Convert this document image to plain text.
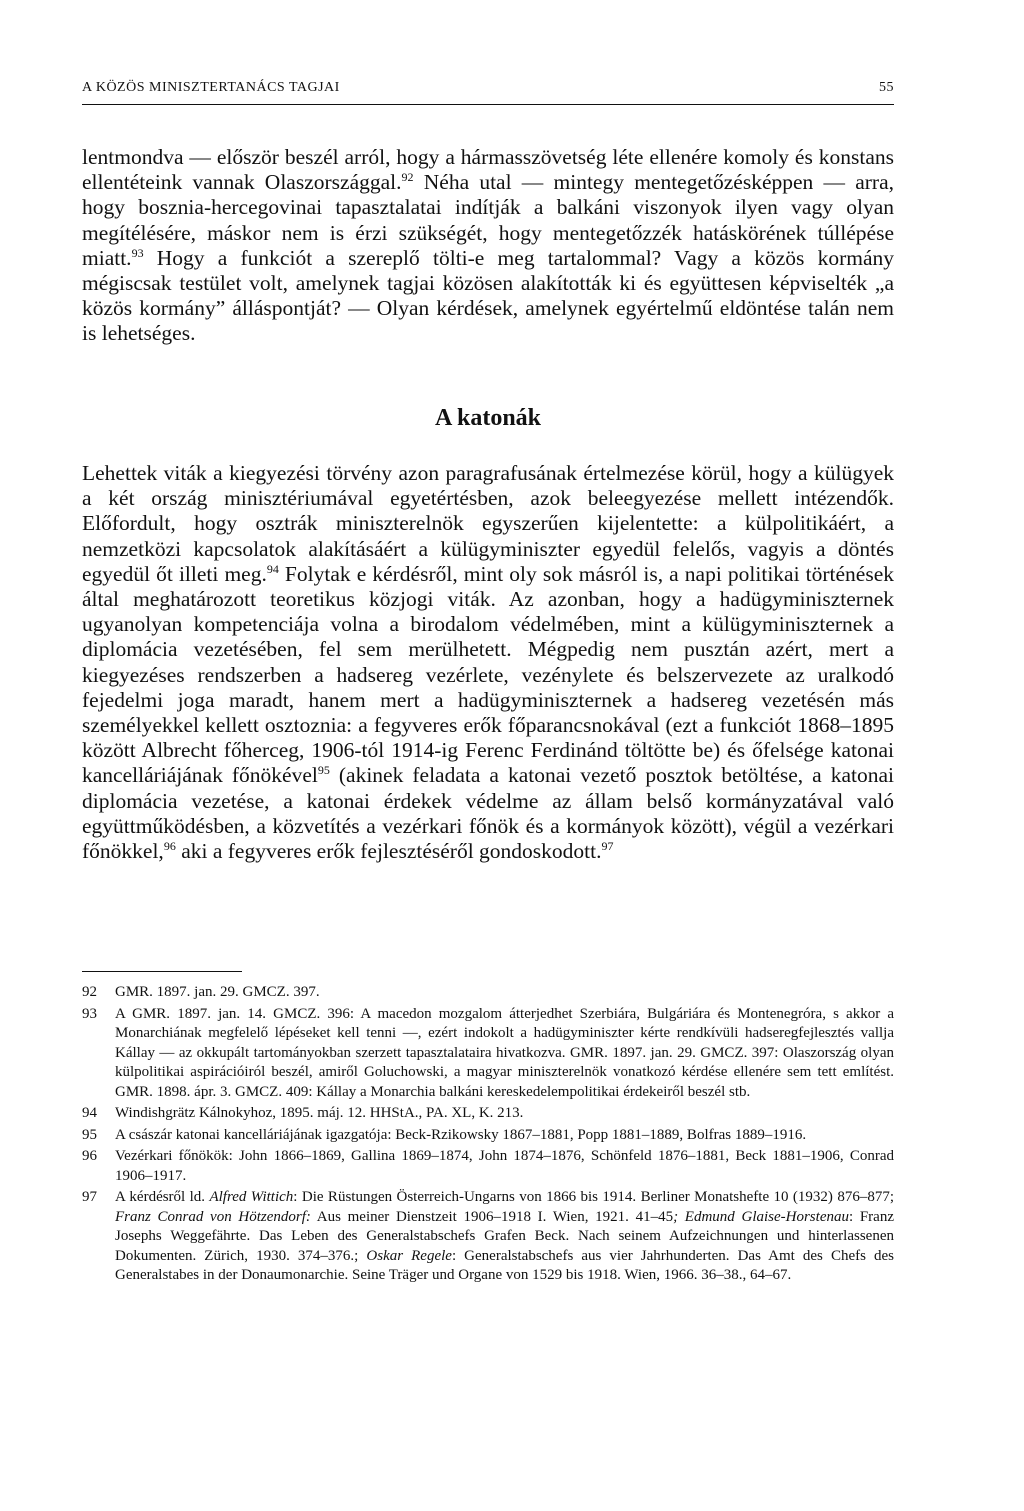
A KÖZÖS MINISZTERTANÁCS TAGJAI	55

lentmondva — először beszél arról, hogy a hármasszövetség léte ellenére komoly és konstans ellentéteink vannak Olaszországgal.$^{92}$ Néha utal — mintegy mentegetőzésképpen — arra, hogy bosznia-hercegovinai tapasztalatai indítják a balkáni viszonyok ilyen vagy olyan megítélésére, máskor nem is érzi szükségét, hogy mentegetőzzék hatáskörének túllépése miatt.$^{93}$ Hogy a funkciót a szereplő tölti-e meg tartalommal? Vagy a közös kormány mégiscsak testület volt, amelynek tagjai közösen alakították ki és együttesen képviselték „a közös kormány” álláspontját? — Olyan kérdések, amelynek egyértelmű eldöntése talán nem is lehetséges.

A katonák

Lehettek viták a kiegyezési törvény azon paragrafusának értelmezése körül, hogy a külügyek a két ország minisztériumával egyetértésben, azok beleegyezése mellett intézendők. Előfordult, hogy osztrák miniszterelnök egyszerűen kijelentette: a külpolitikáért, a nemzetközi kapcsolatok alakításáért a külügyminiszter egyedül felelős, vagyis a döntés egyedül őt illeti meg.$^{94}$ Folytak e kérdésről, mint oly sok másról is, a napi politikai történések által meghatározott teoretikus közjogi viták. Az azonban, hogy a hadügyminiszternek ugyanolyan kompetenciája volna a birodalom védelmében, mint a külügyminiszternek a diplomácia vezetésében, fel sem merülhetett. Mégpedig nem pusztán azért, mert a kiegyezéses rendszerben a hadsereg vezérlete, vezénylete és belszervezete az uralkodó fejedelmi joga maradt, hanem mert a hadügyminiszternek a hadsereg vezetésén más személyekkel kellett osztoznia: a fegyveres erők főparancsnokával (ezt a funkciót 1868–1895 között Albrecht főherceg, 1906-tól 1914-ig Ferenc Ferdinánd töltötte be) és őfelsége katonai kancelláriájának főnökével$^{95}$ (akinek feladata a katonai vezető posztok betöltése, a katonai diplomácia vezetése, a katonai érdekek védelme az állam belső kormányzatával való együttműködésben, a közvetítés a vezérkari főnök és a kormányok között), végül a vezérkari főnökkel,$^{96}$ aki a fegyveres erők fejlesztéséről gondoskodott.$^{97}$

92	GMR. 1897. jan. 29. GMCZ. 397.
93	A GMR. 1897. jan. 14. GMCZ. 396: A macedon mozgalom átterjedhet Szerbiára, Bulgáriára és Montenegróra, s akkor a Monarchiának megfelelő lépéseket kell tenni —, ezért indokolt a hadügyminiszter kérte rendkívüli hadseregfejlesztés vallja Kállay — az okkupált tartományokban szerzett tapasztalataira hivatkozva. GMR. 1897. jan. 29. GMCZ. 397: Olaszország olyan külpolitikai aspirációiról beszél, amiről Goluchowski, a magyar miniszterelnök vonatkozó kérdése ellenére sem tett említést. GMR. 1898. ápr. 3. GMCZ. 409: Kállay a Monarchia balkáni kereskedelempolitikai érdekeiről beszél stb.
94	Windishgrätz Kálnokyhoz, 1895. máj. 12. HHStA., PA. XL, K. 213.
95	A császár katonai kancelláriájának igazgatója: Beck-Rzikowsky 1867–1881, Popp 1881–1889, Bolfras 1889–1916.
96	Vezérkari főnökök: John 1866–1869, Gallina 1869–1874, John 1874–1876, Schönfeld 1876–1881, Beck 1881–1906, Conrad 1906–1917.
97	A kérdésről ld. Alfred Wittich: Die Rüstungen Österreich-Ungarns von 1866 bis 1914. Berliner Monatshefte 10 (1932) 876–877; Franz Conrad von Hötzendorf: Aus meiner Dienstzeit 1906–1918 I. Wien, 1921. 41–45; Edmund Glaise-Horstenau: Franz Josephs Weggefährte. Das Leben des Generalstabschefs Grafen Beck. Nach seinem Aufzeichnungen und hinterlassenen Dokumenten. Zürich, 1930. 374–376.; Oskar Regele: Generalstabschefs aus vier Jahrhunderten. Das Amt des Chefs des Generalstabes in der Donaumonarchie. Seine Träger und Organe von 1529 bis 1918. Wien, 1966. 36–38., 64–67.
